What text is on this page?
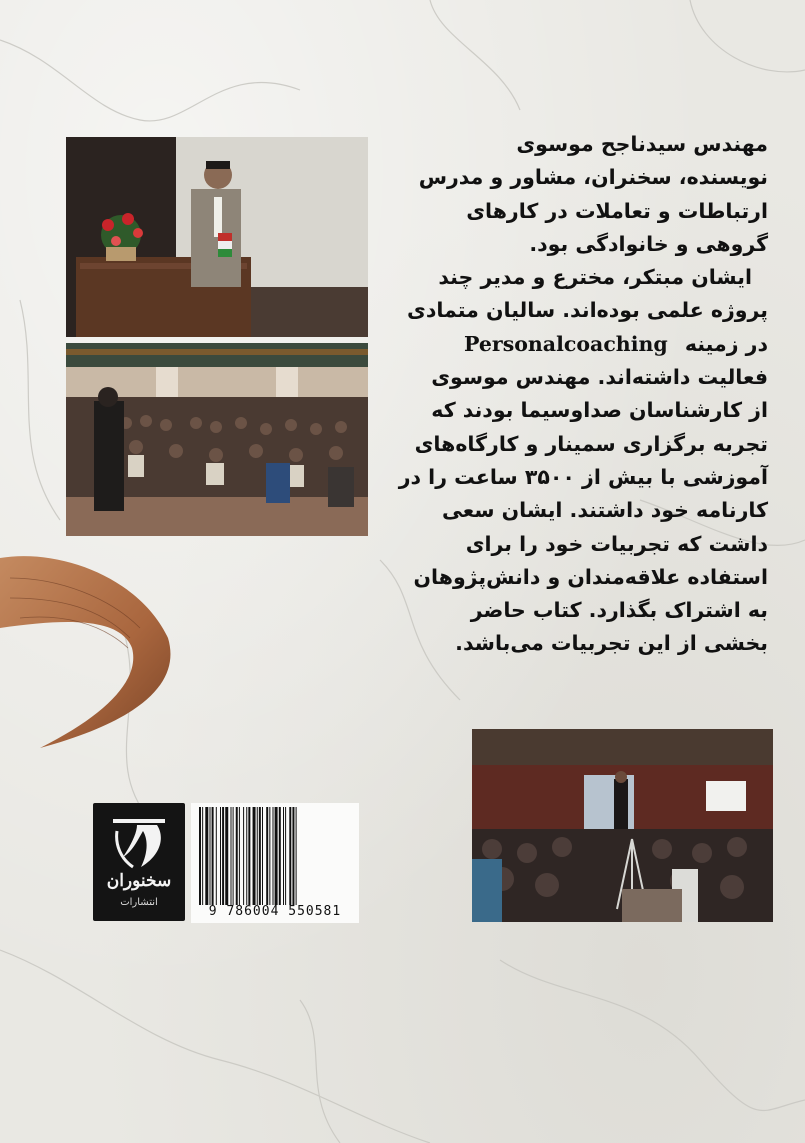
مهندس سیدناجح موسوی

نویسنده، سخنران، مشاور و مدرس

ارتباطات و تعاملات در کارهای

گروهی و خانوادگی بود.

ایشان مبتکر، مخترع و مدیر چند

پروژه علمی بوده‌اند. سالیان متمادی

در زمینه Personalcoaching

فعالیت داشته‌اند. مهندس موسوی

از کارشناسان صداوسیما بودند که

تجربه برگزاری سمینار و کارگاه‌های

آموزشی با بیش از ۳۵۰۰ ساعت را در

کارنامه خود داشتند. ایشان سعی

داشت که تجربیات خود را برای

استفاده علاقه‌مندان و دانش‌پژوهان

به اشتراک بگذارد. کتاب حاضر

بخشی از این تجربیات می‌باشد.

سخنوران
انتشارات
9 786004 550581
